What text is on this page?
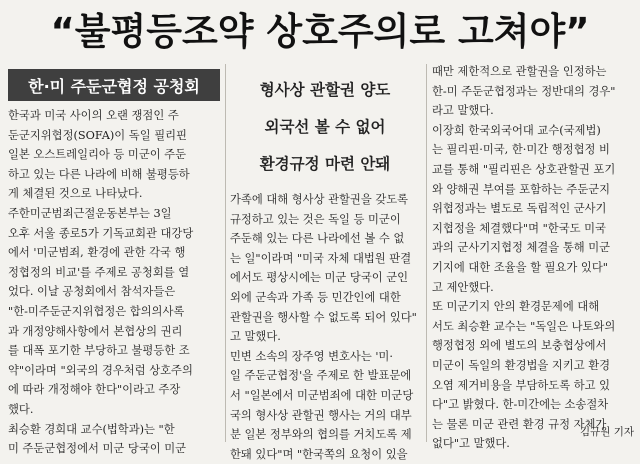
“불평등조약 상호주의로 고쳐야”
한·미 주둔군협정 공청회	형사상 관할권 양도
외국선 볼 수 없어
환경규정 마련 안돼
한국과 미국 사이의 오랜 쟁점인 주
둔군지위협정(SOFA)이 독일 필리핀
일본 오스트레일리아 등 미군이 주둔
하고 있는 다른 나라에 비해 불평등하
게 체결된 것으로 나타났다.
주한미군범죄근절운동본부는 3일
오후 서울 종로5가 기독교회관 대강당
에서 '미군범죄, 환경에 관한 각국 행
정협정의 비교'를 주제로 공청회를 열
었다. 이날 공청회에서 참석자들은
"한-미주둔군지위협정은 합의의사록
과 개정양해사항에서 본협상의 권리
를 대폭 포기한 부당하고 불평등한 조
약"이라며 "외국의 경우처럼 상호주의
에 따라 개정해야 한다"이라고 주장
했다.
최승환 경희대 교수(법학과)는 "한
미 주둔군협정에서 미군 당국이 미군
가족에 대해 형사상 관할권을 갖도록
규정하고 있는 것은 독일 등 미군이
주둔해 있는 다른 나라에선 볼 수 없
는 일"이라며 "미국 자체 대법원 판결
에서도 평상시에는 미군 당국이 군인
외에 군속과 가족 등 민간인에 대한
관할권을 행사할 수 없도록 되어 있다"
고 말했다.
민변 소속의 장주영 변호사는 '미·
일 주둔군협정'을 주제로 한 발표문에
서 "일본에서 미군범죄에 대한 미군당
국의 형사상 관할권 행사는 거의 대부
분 일본 정부와의 협의를 거치도록 제
한돼 있다"며 "한국쪽의 요청이 있을
때만 제한적으로 관할권을 인정하는
한-미 주둔군협정과는 정반대의 경우"
라고 말했다.
이장희 한국외국어대 교수(국제법)
는 필리핀·미국, 한·미간 행정협정 비
교를 통해 "필리핀은 상호관할권 포기
와 양해권 부여를 포함하는 주둔군지
위협정과는 별도로 독립적인 군사기
지협정을 체결했다"며 "한국도 미국
과의 군사기지협정 체결을 통해 미군
기지에 대한 조율을 할 필요가 있다"
고 제안했다.
또 미군기지 안의 환경문제에 대해
서도 최승환 교수는 "독일은 나토와의
행정협정 외에 별도의 보충협상에서
미군이 독일의 환경법을 지키고 환경
오염 제거비용을 부담하도록 하고 있
다"고 밝혔다. 한-미간에는 소송절차
는 물론 미군 관련 환경 규정 자체가
없다"고 말했다.
김규원 기자
